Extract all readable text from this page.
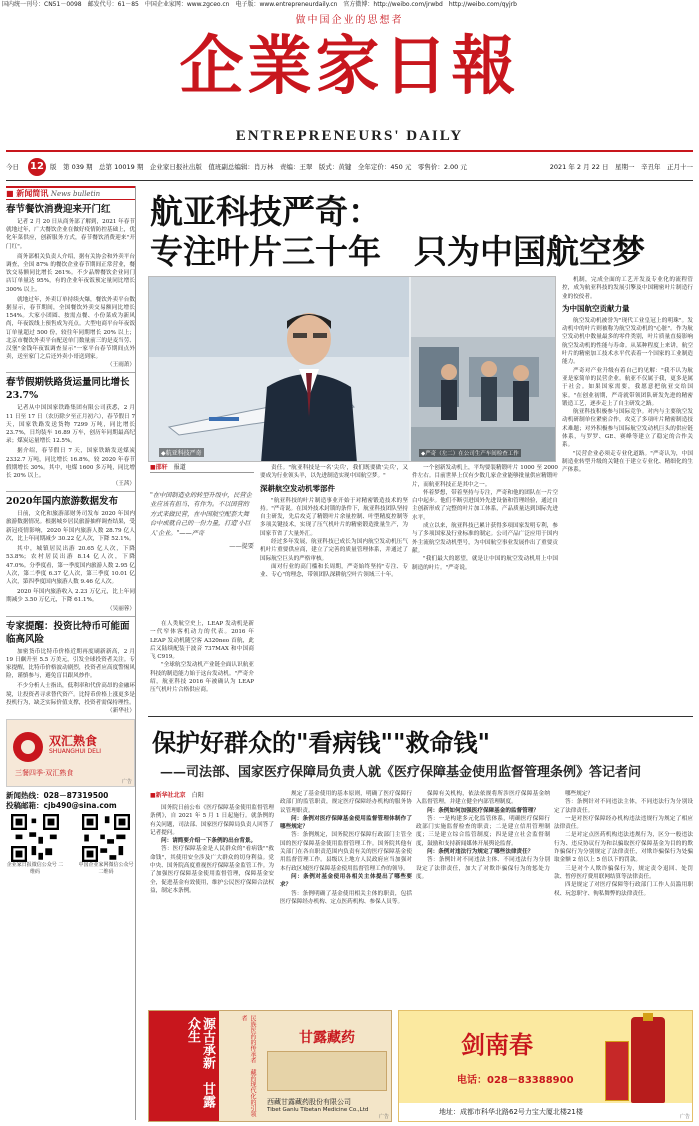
国内统一刊号：CN51－0098　邮发代号：61－85　中国企业家网：www.zgceo.cn　电子版：www.entrepreneurdaily.cn　官方微博：http://weibo.com/jrwbd　http://weibo.com/qyjrb
做中国企业的思想者
企業家日報
ENTREPRENEURS' DAILY
今日 12 版　 第 039 期　总第 10019 期　企业家日报社出版　值班副总编辑：肖万林　责编：王翠　版式：黄键　全年定价：450 元　零售价：2.00 元	2021 年 2 月 22 日　星期一　辛丑年　正月十一
■ 新闻简讯 News bulletin
春节餐饮消费迎来开门红
记者 2 月 20 日从商务部了解到，2021 年春节就地过年，广大餐饮企业在做好疫情防控基础上，优化年菜供应，创新服务方式，春节餐饮消费迎来"开门红"。
商务部相关负责人介绍，据有关协会和外卖平台调查，全国 87% 的餐饮企业春节期间正常营业，餐饮交易额同比增长 261%。不少品牌餐饮企业同门店订单量达 95%，有的企业年夜饭预定量同比增长 300% 以上。
就地过年，外卖订单持续火爆，餐饮外卖平台数据显示，春节期间，全国餐饮外卖交易额同比增长 154%。大家小团圆、按需点餐、小份菜成为新风尚，年夜饭线上预售成为亮点。大型电商平台年夜饭订单量超过 500 份，较往年同期增长 20% 以上；北京市餐饮外卖平台配送单门数量前三的是麦当劳、汉堡"金钱年夜饭调查显示"一家平台春节期间点外卖，送至家门之后还外卖小哥送到家。
（王雨萧）
春节假期铁路货运量同比增长23.7%
记者从中国国家铁路集团有限公司获悉，2 月 11 日至 17 日（农历除夕至正月初六），春节假日 7 天，国家铁路发送货物 7299 万吨，同比增长 23.7%，日均装车 16.89 万车，创历年同期最高纪录；煤炭运量增长 12.5%。
据介绍，春节假日 7 天，国家铁路发送煤炭 2332.7 万吨，同比增长 16.8%，较 2020 年春节假期增长 30%。其中，电煤 1600 多万吨，同比增长 20% 以上。
（王茜）
2020年国内旅游数据发布
日前，文化和旅游部财务司发布 2020 年国内旅游数据情况。根据城乡居民旅游抽样调查结果，受新冠疫情影响，2020 年国内旅游人数 28.79 亿人次，比上年同期减少 30.22 亿人次，下降 52.1%。
其中，城镇居民出游 20.65 亿人次，下降 53.8%；农村居民出游 8.14 亿人次，下降 47.0%。分季度看，第一季度国内旅游人数 2.95 亿人次，第二季度 6.37 亿人次，第三季度 10.01 亿人次，第四季度国内旅游人数 9.46 亿人次。
2020 年国内旅游收入 2.23 万亿元，比上年同期减少 3.50 万亿元，下降 61.1%。
（吴丽蓉）
专家提醒：投资比特币可能面临高风险
加密货币比特币价格近期再度刷新新高，2 月 19 日飙升至 5.5 万美元，引发全球投资者关注。专家提醒，比特币价格波动剧烈，投资者应高度警惕风险，谨慎参与，避免盲目跟风炒作。
不少分析人士指出，低利率和代价高昂的金融环境，让投资者寻求替代资产。比特币价格上涨更多是投机行为，缺乏实际价值支撑，投资者需保持理性。
（新华社）
双汇熟食
SHUANGHUI DELI
三餐四季·双汇熟食
广告
新闻热线：028－87319500
投稿邮箱：cjb490@sina.com
企业家日报微信公众号 二维码
中国企业家网微信公众号 二维码
航亚科技严奇：
专注叶片三十年　只为中国航空梦
◆航亚科技严奇	◆严奇（左二）在公司生产车间检查工作

机制，完成全面的工艺开发及专业化的流程管控，成为航亚科技的发展引擎及中国精密叶片制造行业的佼佼者。

为中国航空贡献力量

航空发动机被誉为"现代工业皇冠上的明珠"。发动机中的叶片则被称为航空发动机的"心脏"。作为航空发动机中数量最多的零件类别，叶片质量直接影响航空发动机的性能与寿命。从某种程度上来讲，航空叶片的精密加工技术水平代表着一个国家的工业制造能力。

严奇对产业升级有着自己的见解："我不认为航亚是家简单的民营企业。航亚不仅属于我，更多是属于社会。如果国家需要，我愿意把航亚交给国家。"在创业初期，严奇就带领团队研发先进的精密锻造工艺，逐步走上了自主研发之路。

航亚科技积极参与国际竞争。对内与主要航空发动机研制单位紧密合作，攻克了多项叶片精密制造技术难题；对外积极参与国际航空发动机巨头的供应链体系，与罗罗、GE、赛峰等建立了稳定的合作关系。

"民营企业必须走专业化道路。"严奇认为，中国制造业转型升级的关键在于建立专业化、精细化的生产体系。

"在中国制造业的转型升级中，民营企业应该有担当、有作为。不以国营的方式来做民营，在中国航空配套大舞台中成就自己的一份力量，打造'小巨人'企业。"——严奇
——提要
■邵轩　 报道

在人类航空史上，LEAP 发动机是新一代窄体客机动力的代表。2016 年 LEAP 发动机随空客 A320neo 首航，此后又陆续配装于波音 737MAX 和中国商飞 C919。

"全球航空发动机产业链全面认识航亚科技的制造能力始于这台发动机。"严奇介绍，航亚科技 2016 年被确认为 LEAP 压气机叶片合格供应商。

责任。"航亚科技是一名'尖兵'，我们既要做'尖兵'，又要成为行业领头羊，以先进制造实现中国航空梦。"

深耕航空发动机零部件

"航亚科技的叶片制造事业开始于对精密锻造技术的坚持。"严奇说。在国外技术封锁的条件下，航亚科技团队坚持自主研发，先后攻克了精锻叶片余量控制、叶型精度控制等多项关键技术，实现了压气机叶片的精密锻造批量生产，为国家节省了大量外汇。

经过多年发展，航亚科技已成长为国内航空发动机压气机叶片重要供应商，建立了完善的质量管理体系，并通过了国际航空巨头的严格审核。

面对行业的高门槛和长周期，严奇始终坚持"专注、专业、专心"的理念，带领团队深耕航空叶片领域三十年。

一个创新发动机上，平均要装精锻叶片 1000 至 2000 件左右。目前世界上仅有少数几家企业能够批量供应精锻叶片，而航亚科技正是其中之一。

怀着梦想，带着坚持与专注，严奇和他的团队在一片空白中起步。他们不断引进国外先进设备和管理经验，通过自主创新形成了完整的叶片加工体系，产品质量达到国际先进水平。

成立以来，航亚科技已累计获得多项国家发明专利，参与了多项国家及行业标准的制定。公司产品广泛应用于国内外主流航空发动机型号，为中国航空事业发展作出了重要贡献。

"我们最大的愿望，就是让中国的航空发动机用上中国制造的叶片。"严奇说。

保护好群众的"看病钱""救命钱"
——司法部、国家医疗保障局负责人就《医疗保障基金使用监督管理条例》答记者问
■新华社北京　 白阳

国务院日前公布《医疗保障基金使用监督管理条例》，自 2021 年 5 月 1 日起施行。就条例的有关问题，司法部、国家医疗保障局负责人回答了记者提问。

问：请简要介绍一下条例的出台背景。

答：医疗保障基金是人民群众的"看病钱""救命钱"，其使用安全涉及广大群众的切身利益。党中央、国务院高度重视医疗保障基金监管工作。为了加强医疗保障基金使用监督管理，保障基金安全，促进基金有效使用，维护公民医疗保障合法权益，制定本条例。

规定了基金使用的基本原则，明确了医疗保障行政部门的监管职责，规定医疗保障经办机构的服务协议管理职责。

问：条例对医疗保障基金使用监督管理体制作了哪些规定？

答：条例规定，国务院医疗保障行政部门主管全国的医疗保障基金使用监督管理工作。国务院其他有关部门在各自职责范围内负责有关的医疗保障基金使用监督管理工作。县级以上地方人民政府应当加强对本行政区域医疗保障基金使用监督管理工作的领导。

问：条例对基金使用各相关主体提出了哪些要求？

答：条例明确了基金使用相关主体的职责，包括医疗保障经办机构、定点医药机构、参保人员等。

保障有关机构，依法依规将所涉医疗保障基金纳入监督管理，并建立健全内部管理制度。

问：条例如何加强医疗保障基金的监督管理？

答：一是构建多元化监管体系，明确医疗保障行政部门实施监督检查的职责；二是建立信用管理制度；三是建立综合监管制度；四是建立社会监督制度，鼓励和支持新闻媒体开展舆论监督。

问：条例对违法行为规定了哪些法律责任？

答：条例针对不同违法主体、不同违法行为分别设定了法律责任，加大了对欺诈骗保行为的惩处力度。

哪些规定？

答：条例针对不同违法主体，不同违法行为分别设定了法律责任。

一是对医疗保障经办机构违法违规行为规定了相应法律责任。

二是对定点医药机构违法违规行为，区分一般违法行为、违反协议行为和以骗取医疗保障基金为目的的欺诈骗保行为分别规定了法律责任，对欺诈骗保行为处骗取金额 2 倍以上 5 倍以下的罚款。

三是对个人欺诈骗保行为，规定责令退回、处罚款、暂停医疗费用联网结算等法律责任。

四是规定了对医疗保障等行政部门工作人员滥用职权、玩忽职守、徇私舞弊的法律责任。

源古承新　甘露众生	民族医药的传承者　藏药现代化的引领者
甘露藏药
西藏甘露藏药股份有限公司
Tibet Ganlu Tibetan Medicine Co.,Ltd
广告
剑南春
电话：028－83388900
地址：成都市科华北路62号力宝大厦北楼21楼
广告
